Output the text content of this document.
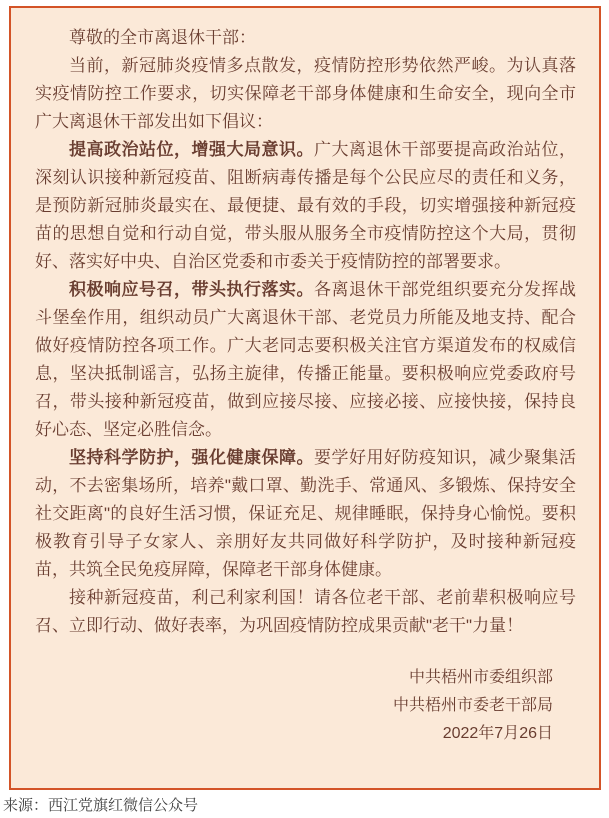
尊敬的全市离退休干部：

当前，新冠肺炎疫情多点散发，疫情防控形势依然严峻。为认真落实疫情防控工作要求，切实保障老干部身体健康和生命安全，现向全市广大离退休干部发出如下倡议：

提高政治站位，增强大局意识。广大离退休干部要提高政治站位，深刻认识接种新冠疫苗、阻断病毒传播是每个公民应尽的责任和义务，是预防新冠肺炎最实在、最便捷、最有效的手段，切实增强接种新冠疫苗的思想自觉和行动自觉，带头服从服务全市疫情防控这个大局，贯彻好、落实好中央、自治区党委和市委关于疫情防控的部署要求。

积极响应号召，带头执行落实。各离退休干部党组织要充分发挥战斗堡垒作用，组织动员广大离退休干部、老党员力所能及地支持、配合做好疫情防控各项工作。广大老同志要积极关注官方渠道发布的权威信息，坚决抵制谣言，弘扬主旋律，传播正能量。要积极响应党委政府号召，带头接种新冠疫苗，做到应接尽接、应接必接、应接快接，保持良好心态、坚定必胜信念。

坚持科学防护，强化健康保障。要学好用好防疫知识，减少聚集活动，不去密集场所，培养"戴口罩、勤洗手、常通风、多锻炼、保持安全社交距离"的良好生活习惯，保证充足、规律睡眠，保持身心愉悦。要积极教育引导子女家人、亲朋好友共同做好科学防护，及时接种新冠疫苗，共筑全民免疫屏障，保障老干部身体健康。

接种新冠疫苗，利己利家利国！请各位老干部、老前辈积极响应号召、立即行动、做好表率，为巩固疫情防控成果贡献"老干"力量！

中共梧州市委组织部
中共梧州市委老干部局
2022年7月26日
来源：西江党旗红微信公众号
